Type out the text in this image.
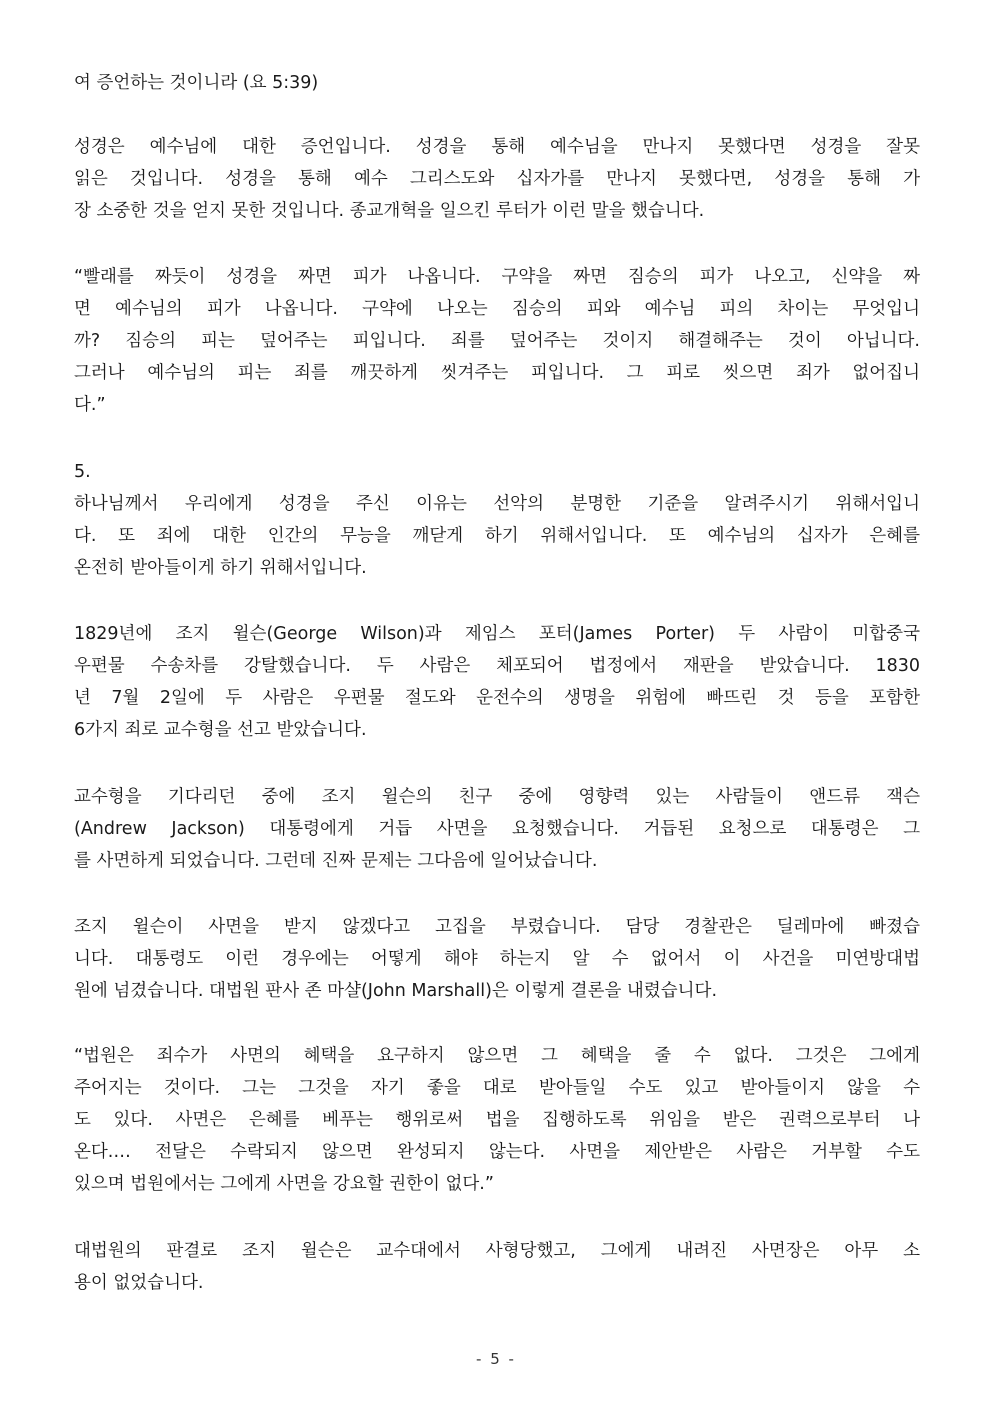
여 증언하는 것이니라 (요 5:39)
성경은 예수님에 대한 증언입니다. 성경을 통해 예수님을 만나지 못했다면 성경을 잘못
읽은 것입니다. 성경을 통해 예수 그리스도와 십자가를 만나지 못했다면, 성경을 통해 가
장 소중한 것을 얻지 못한 것입니다. 종교개혁을 일으킨 루터가 이런 말을 했습니다.
“빨래를 짜듯이 성경을 짜면 피가 나옵니다. 구약을 짜면 짐승의 피가 나오고, 신약을 짜
면 예수님의 피가 나옵니다. 구약에 나오는 짐승의 피와 예수님 피의 차이는 무엇입니
까? 짐승의 피는 덮어주는 피입니다. 죄를 덮어주는 것이지 해결해주는 것이 아닙니다.
그러나 예수님의 피는 죄를 깨끗하게 씻겨주는 피입니다. 그 피로 씻으면 죄가 없어집니
다.”
5.
하나님께서 우리에게 성경을 주신 이유는 선악의 분명한 기준을 알려주시기 위해서입니
다. 또 죄에 대한 인간의 무능을 깨닫게 하기 위해서입니다. 또 예수님의 십자가 은혜를
온전히 받아들이게 하기 위해서입니다.
1829년에 조지 윌슨(George Wilson)과 제임스 포터(James Porter) 두 사람이 미합중국
우편물 수송차를 강탈했습니다. 두 사람은 체포되어 법정에서 재판을 받았습니다. 1830
년 7월 2일에 두 사람은 우편물 절도와 운전수의 생명을 위험에 빠뜨린 것 등을 포함한
6가지 죄로 교수형을 선고 받았습니다.
교수형을 기다리던 중에 조지 윌슨의 친구 중에 영향력 있는 사람들이 앤드류 잭슨
(Andrew Jackson) 대통령에게 거듭 사면을 요청했습니다. 거듭된 요청으로 대통령은 그
를 사면하게 되었습니다. 그런데 진짜 문제는 그다음에 일어났습니다.
조지 윌슨이 사면을 받지 않겠다고 고집을 부렸습니다. 담당 경찰관은 딜레마에 빠졌습
니다. 대통령도 이런 경우에는 어떻게 해야 하는지 알 수 없어서 이 사건을 미연방대법
원에 넘겼습니다. 대법원 판사 존 마샬(John Marshall)은 이렇게 결론을 내렸습니다.
“법원은 죄수가 사면의 혜택을 요구하지 않으면 그 혜택을 줄 수 없다. 그것은 그에게
주어지는 것이다. 그는 그것을 자기 좋을 대로 받아들일 수도 있고 받아들이지 않을 수
도 있다. 사면은 은혜를 베푸는 행위로써 법을 집행하도록 위임을 받은 권력으로부터 나
온다.… 전달은 수락되지 않으면 완성되지 않는다. 사면을 제안받은 사람은 거부할 수도
있으며 법원에서는 그에게 사면을 강요할 권한이 없다.”
대법원의 판결로 조지 윌슨은 교수대에서 사형당했고, 그에게 내려진 사면장은 아무 소
용이 없었습니다.
- 5 -
